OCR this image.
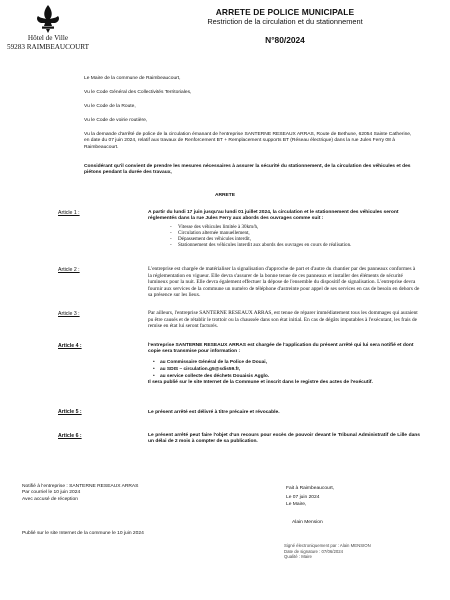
Hôtel de Ville
59283 RAIMBEAUCOURT
ARRETE DE POLICE MUNICIPALE
Restriction de la circulation et du stationnement
N°80/2024
Le Maire de la commune de Raimbeaucourt,
Vu le Code Général des Collectivités Territoriales,
Vu le Code de la Route,
Vu le Code de voirie routière,
Vu la demande d'arrêté de police de la circulation émanant de l'entreprise SANTERNE RESEAUX ARRAS, Route de Bethune, 62054 Sainte Catherine, en date du 07 juin 2024, relatif aux travaux de Renforcement BT + Remplacement supports BT (Réseau électrique) dans la rue Jules Ferry 08 à Raimbeaucourt.
Considérant qu'il convient de prendre les mesures nécessaires à assurer la sécurité du stationnement, de la circulation des véhicules et des piétons pendant la durée des travaux,
ARRETE
Article 1 :	A partir du lundi 17 juin jusqu'au lundi 01 juillet 2024, la circulation et le stationnement des véhicules seront réglementés dans la rue Jules Ferry aux abords des ouvrages comme suit :
- Vitesse des véhicules limitée à 30km/h,
- Circulation alternée manuellement,
- Dépassement des véhicules interdit,
- Stationnement des véhicules interdit aux abords des ouvrages en cours de réalisation.
Article 2 :	L'entreprise est chargée de matérialiser la signalisation d'approche de part et d'autre du chantier par des panneaux conformes à la réglementation en vigueur. Elle devra s'assurer de la bonne tenue de ces panneaux et installer des éléments de sécurité lumineux pour la nuit. Elle devra également effectuer la dépose de l'ensemble du dispositif de signalisation. L'entreprise devra fournir aux services de la commune un numéro de téléphone d'astreinte pour appel de ses services en cas de besoin en dehors de sa présence sur les lieux.
Article 3 :	Par ailleurs, l'entreprise SANTERNE RESEAUX ARRAS, est tenue de réparer immédiatement tous les dommages qui auraient pu être causés et de rétablir le trottoir ou la chaussée dans son état initial. En cas de dégâts imputables à l'exécutant, les frais de remise en état lui seront facturés.
Article 4 :	l'entreprise SANTERNE RESEAUX ARRAS est chargée de l'application du présent arrêté qui lui sera notifié et dont copie sera transmise pour information :
• au Commissaire Général de la Police de Douai,
• au SDIS – circulation.g5@sdis59.fr,
• au service collecte des déchets Douaisis Agglo.
Il sera publié sur le site Internet de la Commune et inscrit dans le registre des actes de l'exécutif.
Article 5 :	Le présent arrêté est délivré à titre précaire et révocable.
Article 6 :	Le présent arrêté peut faire l'objet d'un recours pour excès de pouvoir devant le Tribunal Administratif de Lille dans un délai de 2 mois à compter de sa publication.
Notifié à l'entreprise : SANTERNE RESEAUX ARRAS
Par courriel le 10 juin 2024
Avec accusé de réception
Publié sur le site Internet de la commune le 10 juin 2024
Fait à Raimbeaucourt,
Le 07 juin 2024
Le Maire,
Alain Mension
Signé électroniquement par : Alain MENSION
Date de signature : 07/06/2024
Qualité : Maire
